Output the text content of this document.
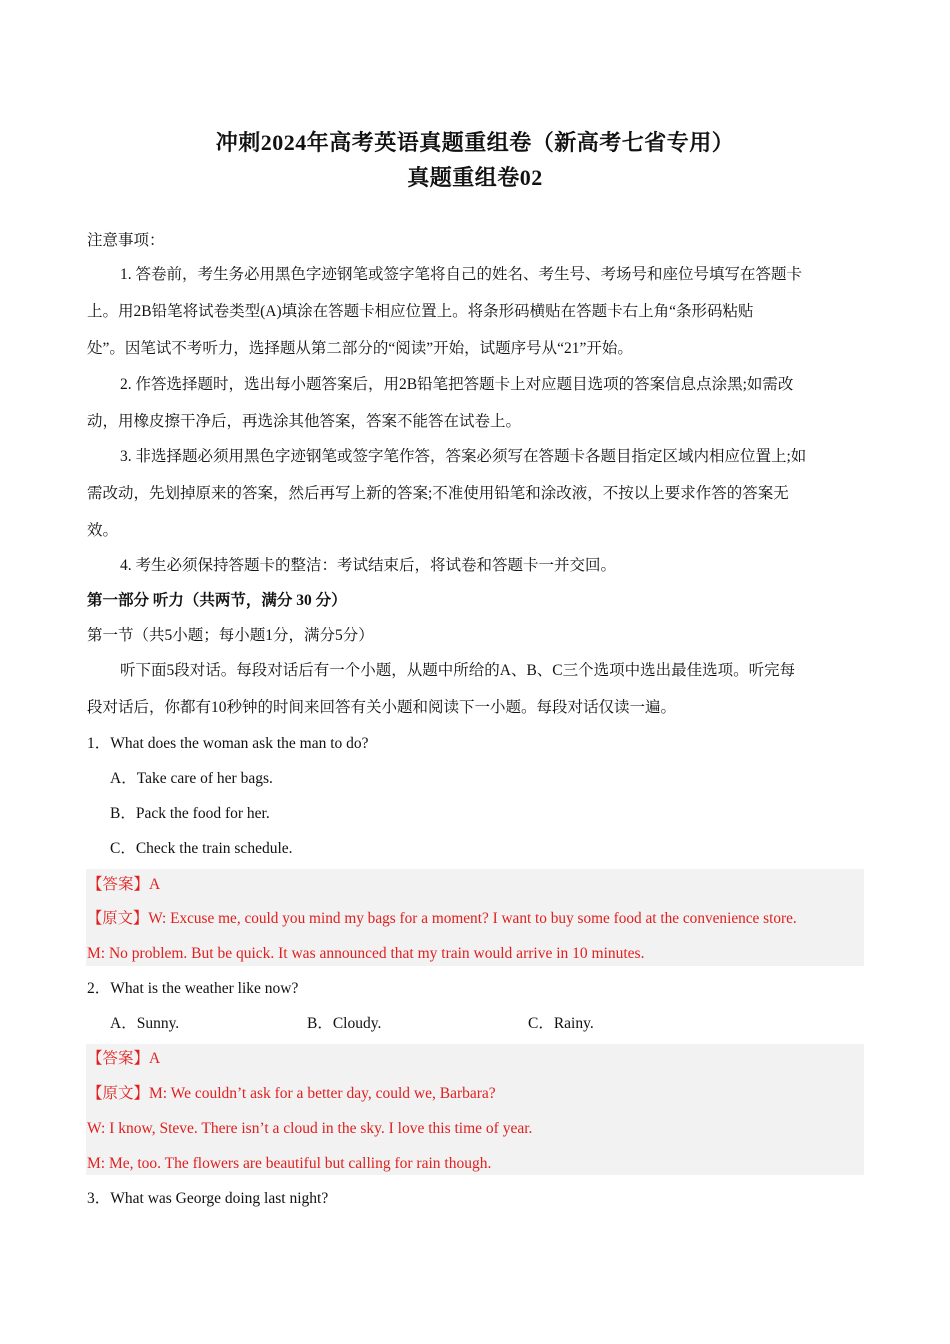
冲刺2024年高考英语真题重组卷（新高考七省专用）
真题重组卷02
注意事项：
1. 答卷前，考生务必用黑色字迹钢笔或签字笔将自己的姓名、考生号、考场号和座位号填写在答题卡
上。用2B铅笔将试卷类型(A)填涂在答题卡相应位置上。将条形码横贴在答题卡右上角“条形码粘贴
处”。因笔试不考听力，选择题从第二部分的“阅读”开始，试题序号从“21”开始。
2. 作答选择题时，选出每小题答案后，用2B铅笔把答题卡上对应题目选项的答案信息点涂黑;如需改
动，用橡皮擦干净后，再选涂其他答案，答案不能答在试卷上。
3. 非选择题必须用黑色字迹钢笔或签字笔作答，答案必须写在答题卡各题目指定区域内相应位置上;如
需改动，先划掉原来的答案，然后再写上新的答案;不准使用铅笔和涂改液，不按以上要求作答的答案无
效。
4. 考生必须保持答题卡的整洁：考试结束后，将试卷和答题卡一并交回。
第一部分 听力（共两节，满分 30 分）
第一节（共5小题；每小题1分，满分5分）
听下面5段对话。每段对话后有一个小题，从题中所给的A、B、C三个选项中选出最佳选项。听完每
段对话后，你都有10秒钟的时间来回答有关小题和阅读下一小题。每段对话仅读一遍。
1．What does the woman ask the man to do?
A．Take care of her bags.
B．Pack the food for her.
C．Check the train schedule.
【答案】A
【原文】W: Excuse me, could you mind my bags for a moment? I want to buy some food at the convenience store.
M: No problem. But be quick. It was announced that my train would arrive in 10 minutes.
2．What is the weather like now?
A．Sunny.	B．Cloudy.	C．Rainy.
【答案】A
【原文】M: We couldn’t ask for a better day, could we, Barbara?
W: I know, Steve. There isn’t a cloud in the sky. I love this time of year.
M: Me, too. The flowers are beautiful but calling for rain though.
3．What was George doing last night?
